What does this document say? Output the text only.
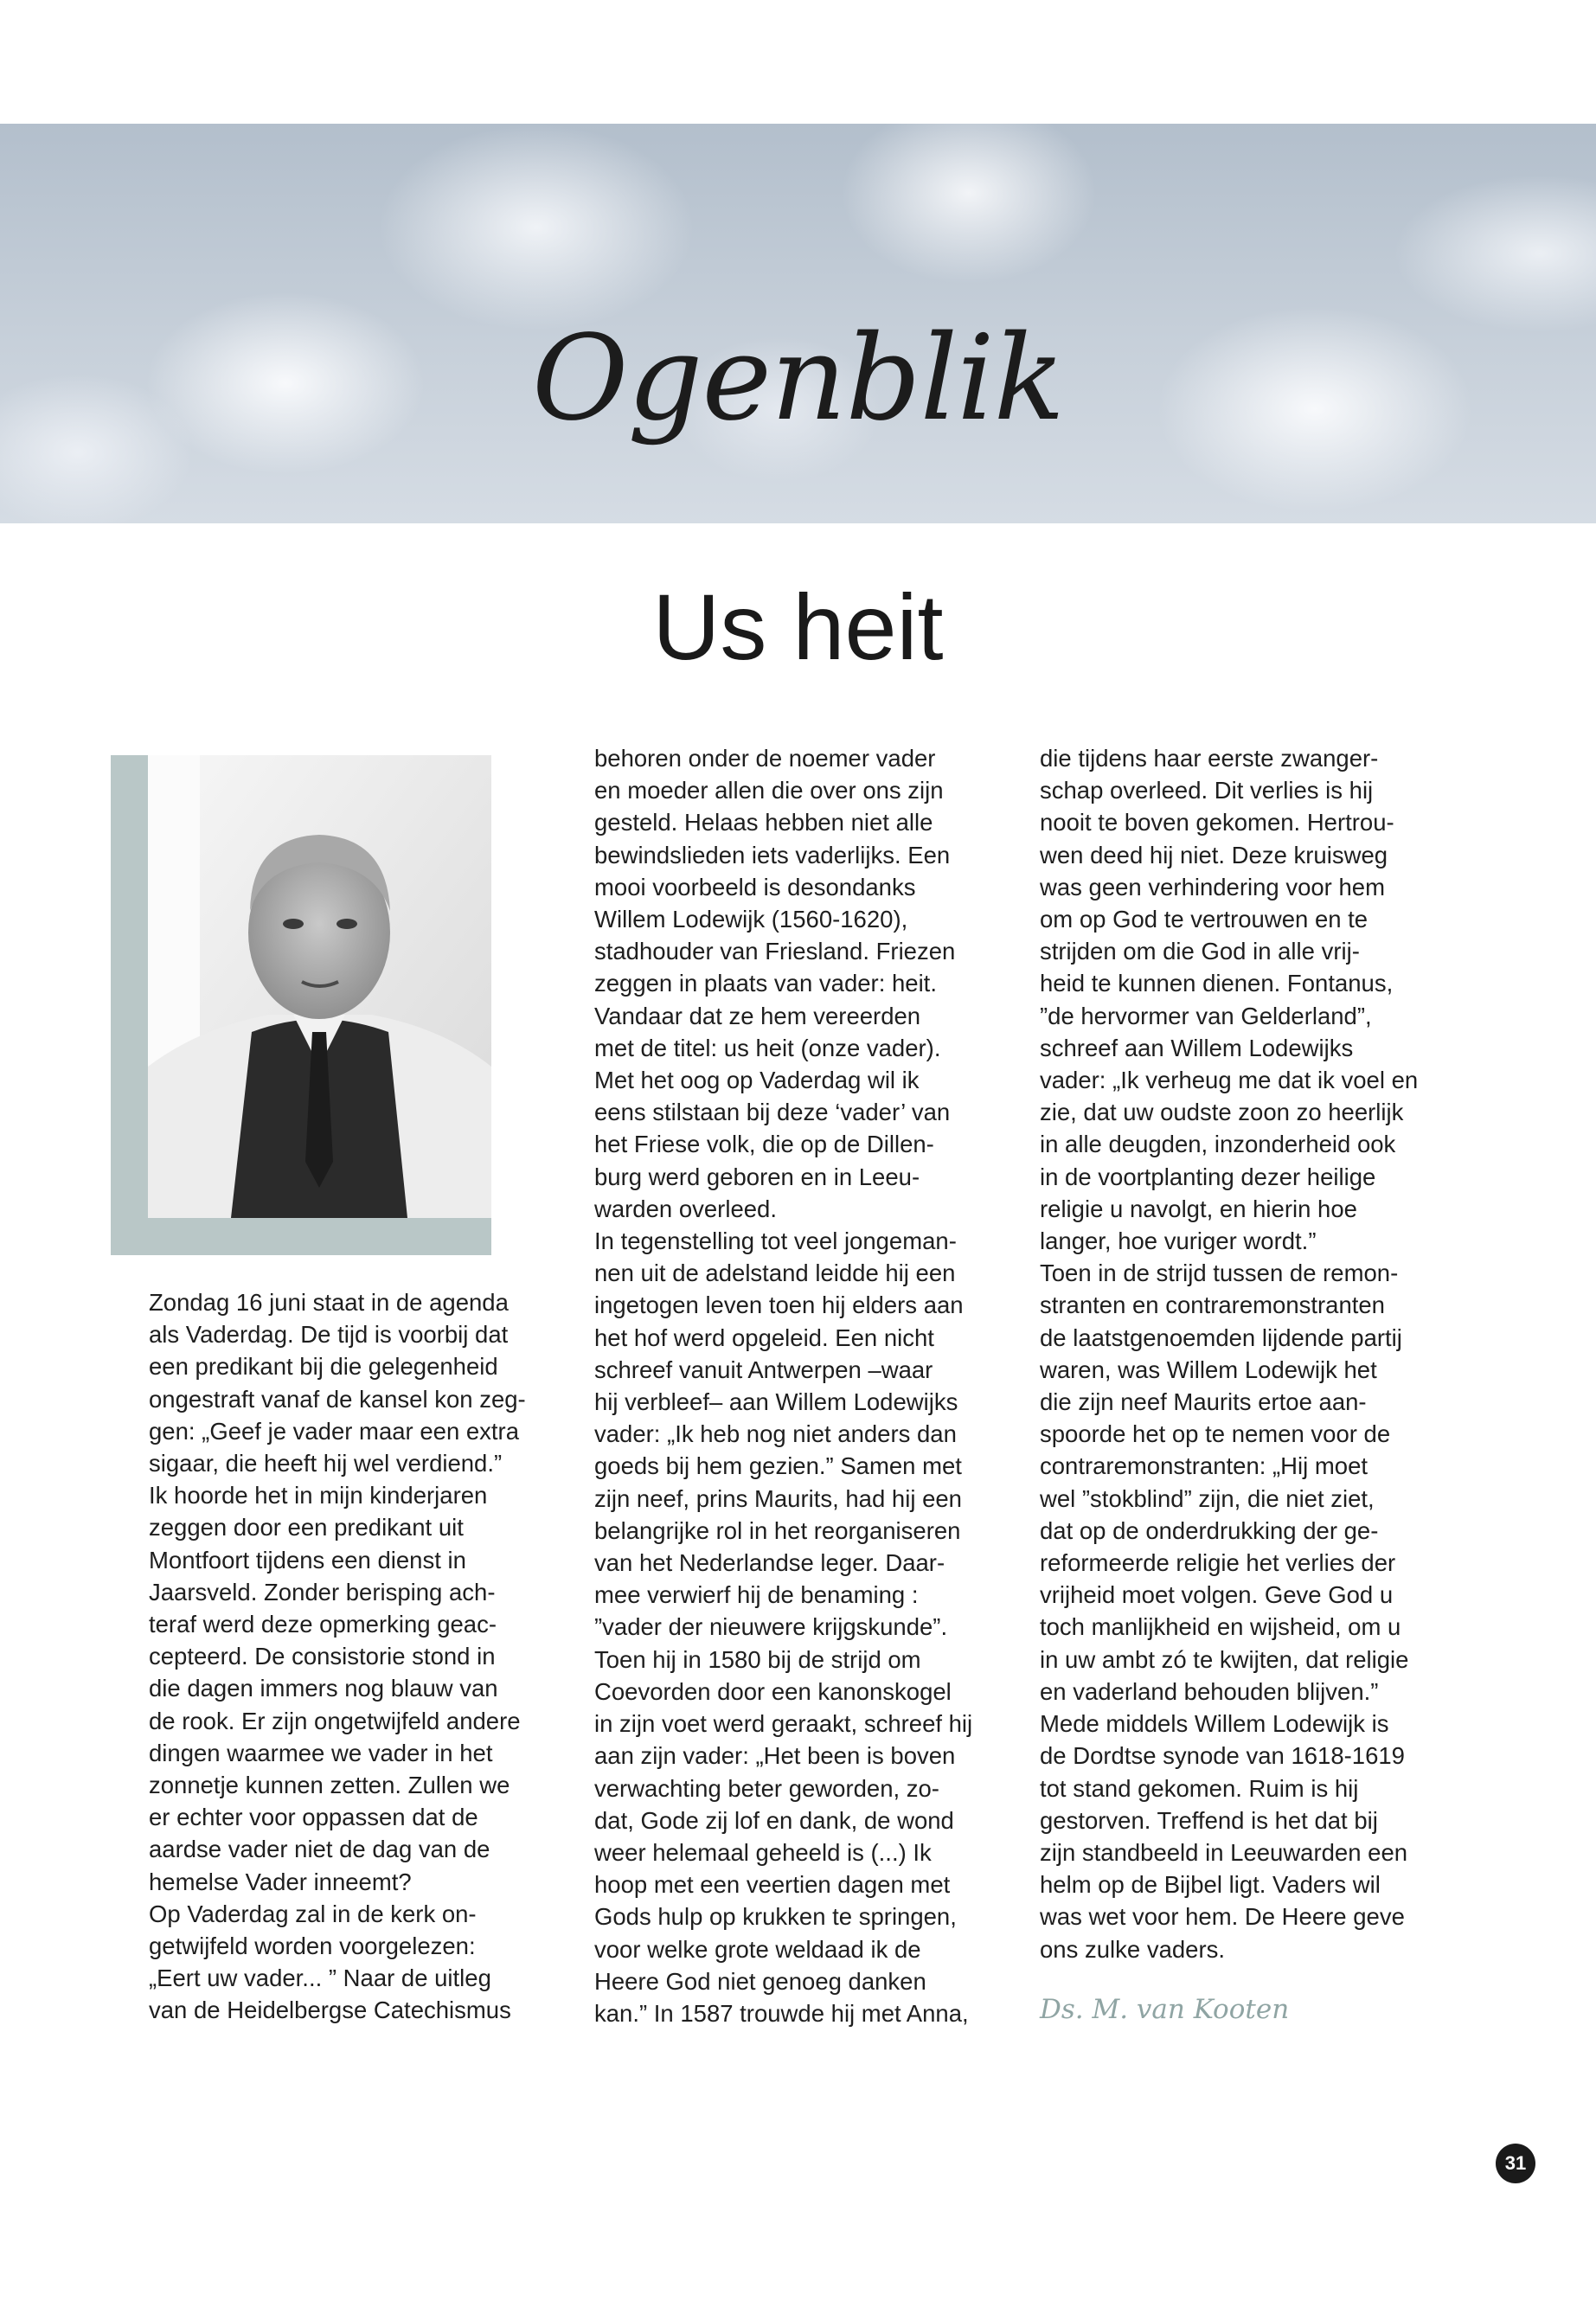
Ogenblik
Us heit
Zondag 16 juni staat in de agenda
als Vaderdag. De tijd is voorbij dat
een predikant bij die gelegenheid
ongestraft vanaf de kansel kon zeg-
gen: „Geef je vader maar een extra
sigaar, die heeft hij wel verdiend.”
Ik hoorde het in mijn kinderjaren
zeggen door een predikant uit
Montfoort tijdens een dienst in
Jaarsveld. Zonder berisping ach-
teraf werd deze opmerking geac-
cepteerd. De consistorie stond in
die dagen immers nog blauw van
de rook. Er zijn ongetwijfeld andere
dingen waarmee we vader in het
zonnetje kunnen zetten. Zullen we
er echter voor oppassen dat de
aardse vader niet de dag van de
hemelse Vader inneemt?
Op Vaderdag zal in de kerk on-
getwijfeld worden voorgelezen:
„Eert uw vader... ” Naar de uitleg
van de Heidelbergse Catechismus
behoren onder de noemer vader
en moeder allen die over ons zijn
gesteld. Helaas hebben niet alle
bewindslieden iets vaderlijks. Een
mooi voorbeeld is desondanks
Willem Lodewijk (1560-1620),
stadhouder van Friesland. Friezen
zeggen in plaats van vader: heit.
Vandaar dat ze hem vereerden
met de titel: us heit (onze vader).
Met het oog op Vaderdag wil ik
eens stilstaan bij deze ‘vader’ van
het Friese volk, die op de Dillen-
burg werd geboren en in Leeu-
warden overleed.
In tegenstelling tot veel jongeman-
nen uit de adelstand leidde hij een
ingetogen leven toen hij elders aan
het hof werd opgeleid. Een nicht
schreef vanuit Antwerpen –waar
hij verbleef– aan Willem Lodewijks
vader: „Ik heb nog niet anders dan
goeds bij hem gezien.” Samen met
zijn neef, prins Maurits, had hij een
belangrijke rol in het reorganiseren
van het Nederlandse leger. Daar-
mee verwierf hij de benaming :
”vader der nieuwere krijgskunde”.
Toen hij in 1580 bij de strijd om
Coevorden door een kanonskogel
in zijn voet werd geraakt, schreef hij
aan zijn vader: „Het been is boven
verwachting beter geworden, zo-
dat, Gode zij lof en dank, de wond
weer helemaal geheeld is (...) Ik
hoop met een veertien dagen met
Gods hulp op krukken te springen,
voor welke grote weldaad ik de
Heere God niet genoeg danken
kan.” In 1587 trouwde hij met Anna,
die tijdens haar eerste zwanger-
schap overleed. Dit verlies is hij
nooit te boven gekomen. Hertrou-
wen deed hij niet. Deze kruisweg
was geen verhindering voor hem
om op God te vertrouwen en te
strijden om die God in alle vrij-
heid te kunnen dienen. Fontanus,
”de hervormer van Gelderland”,
schreef aan Willem Lodewijks
vader: „Ik verheug me dat ik voel en
zie, dat uw oudste zoon zo heerlijk
in alle deugden, inzonderheid ook
in de voortplanting dezer heilige
religie u navolgt, en hierin hoe
langer, hoe vuriger wordt.”
Toen in de strijd tussen de remon-
stranten en contraremonstranten
de laatstgenoemden lijdende partij
waren, was Willem Lodewijk het
die zijn neef Maurits ertoe aan-
spoorde het op te nemen voor de
contraremonstranten: „Hij moet
wel ”stokblind” zijn, die niet ziet,
dat op de onderdrukking der ge-
reformeerde religie het verlies der
vrijheid moet volgen. Geve God u
toch manlijkheid en wijsheid, om u
in uw ambt zó te kwijten, dat religie
en vaderland behouden blijven.”
Mede middels Willem Lodewijk is
de Dordtse synode van 1618-1619
tot stand gekomen. Ruim is hij
gestorven. Treffend is het dat bij
zijn standbeeld in Leeuwarden een
helm op de Bijbel ligt. Vaders wil
was wet voor hem. De Heere geve
ons zulke vaders.
Ds. M. van Kooten
31
